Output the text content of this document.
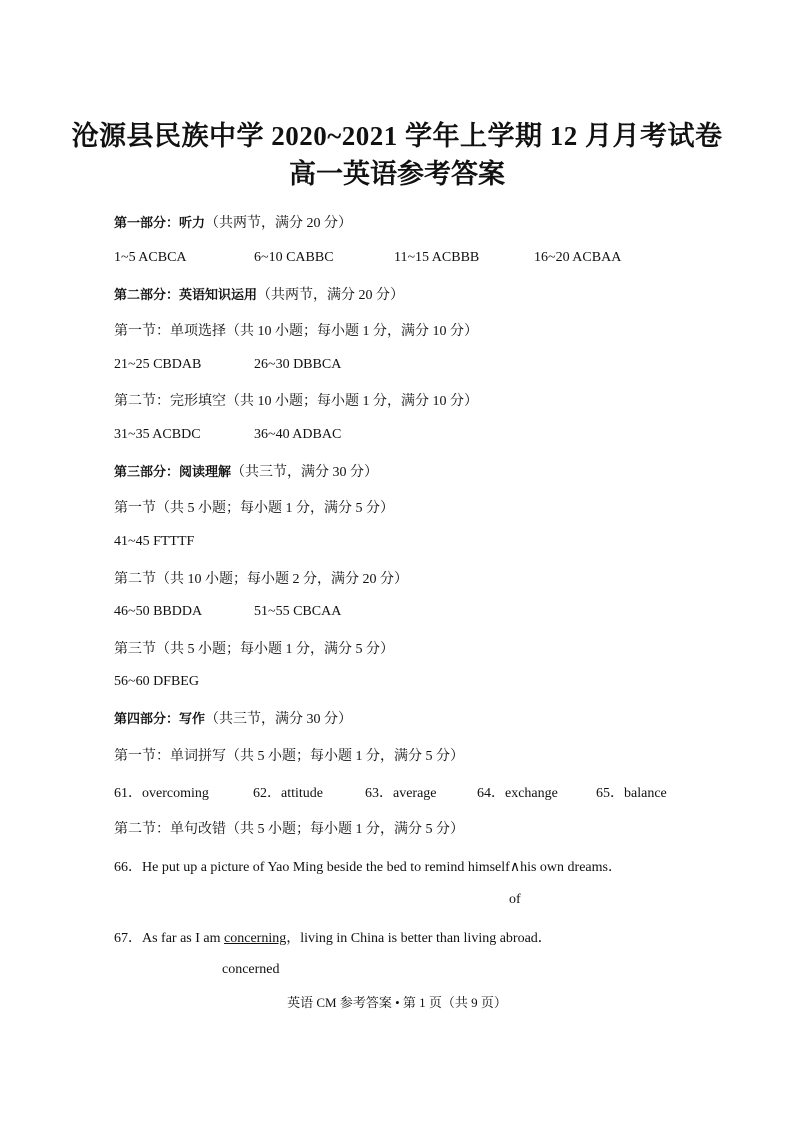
沧源县民族中学 2020~2021 学年上学期 12 月月考试卷
高一英语参考答案
第一部分：听力（共两节，满分 20 分）
1~5 ACBCA	6~10 CABBC	11~15 ACBBB	16~20 ACBAA
第二部分：英语知识运用（共两节，满分 20 分）
第一节：单项选择（共 10 小题；每小题 1 分，满分 10 分）
21~25 CBDAB	26~30 DBBCA
第二节：完形填空（共 10 小题；每小题 1 分，满分 10 分）
31~35 ACBDC	36~40 ADBAC
第三部分：阅读理解（共三节，满分 30 分）
第一节（共 5 小题；每小题 1 分，满分 5 分）
41~45 FTTTF
第二节（共 10 小题；每小题 2 分，满分 20 分）
46~50 BBDDA	51~55 CBCAA
第三节（共 5 小题；每小题 1 分，满分 5 分）
56~60 DFBEG
第四部分：写作（共三节，满分 30 分）
第一节：单词拼写（共 5 小题；每小题 1 分，满分 5 分）
61．overcoming	62．attitude	63．average	64．exchange	65．balance
第二节：单句改错（共 5 小题；每小题 1 分，满分 5 分）
66．He put up a picture of Yao Ming beside the bed to remind himself∧his own dreams．
of
67．As far as I am concerning，living in China is better than living abroad．
concerned
英语 CM 参考答案 • 第 1 页（共 9 页）
